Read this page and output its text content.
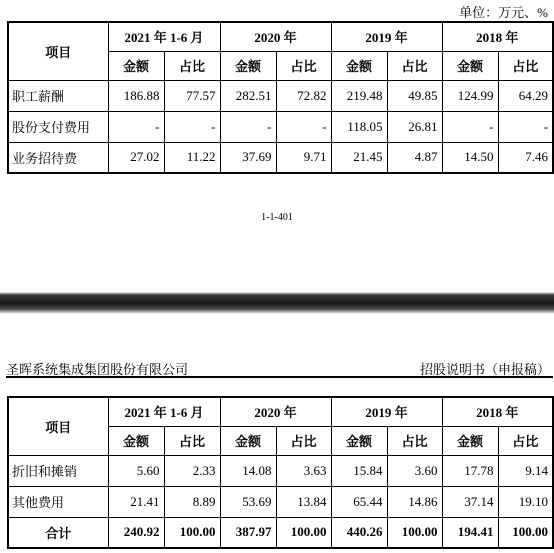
单位：万元、%
项目	2021 年 1-6 月		2020 年		2019 年		2018 年	
	金额	占比	金额	占比	金额	占比	金额	占比
职工薪酬	186.88	77.57	282.51	72.82	219.48	49.85	124.99	64.29
股份支付费用	-	-	-	-	118.05	26.81	-	-
业务招待费	27.02	11.22	37.69	9.71	21.45	4.87	14.50	7.46
1-1-401
圣晖系统集成集团股份有限公司	招股说明书（申报稿）
项目	2021 年 1-6 月		2020 年		2019 年		2018 年	
	金额	占比	金额	占比	金额	占比	金额	占比
折旧和摊销	5.60	2.33	14.08	3.63	15.84	3.60	17.78	9.14
其他费用	21.41	8.89	53.69	13.84	65.44	14.86	37.14	19.10
合计	240.92	100.00	387.97	100.00	440.26	100.00	194.41	100.00
